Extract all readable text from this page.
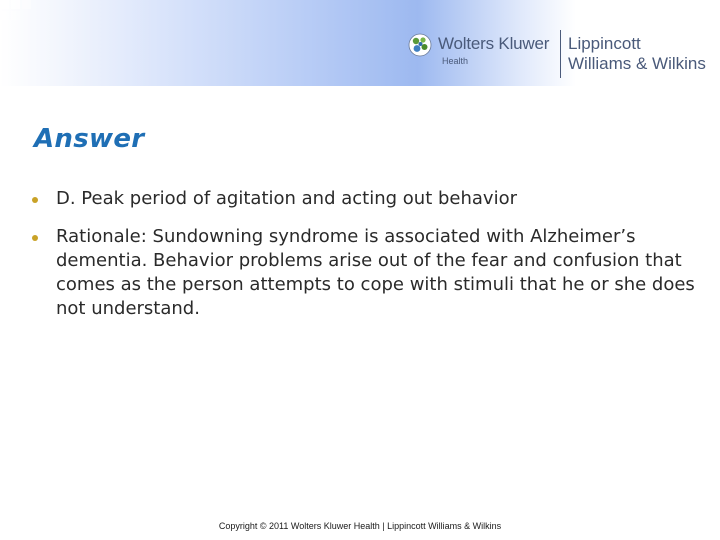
Wolters Kluwer
Health
Lippincott
Williams & Wilkins
Answer
D. Peak period of agitation and acting out behavior
Rationale: Sundowning syndrome is associated with Alzheimer’s dementia. Behavior problems arise out of the fear and confusion that comes as the person attempts to cope with stimuli that he or she does not understand.
Copyright © 2011 Wolters Kluwer Health | Lippincott Williams & Wilkins
